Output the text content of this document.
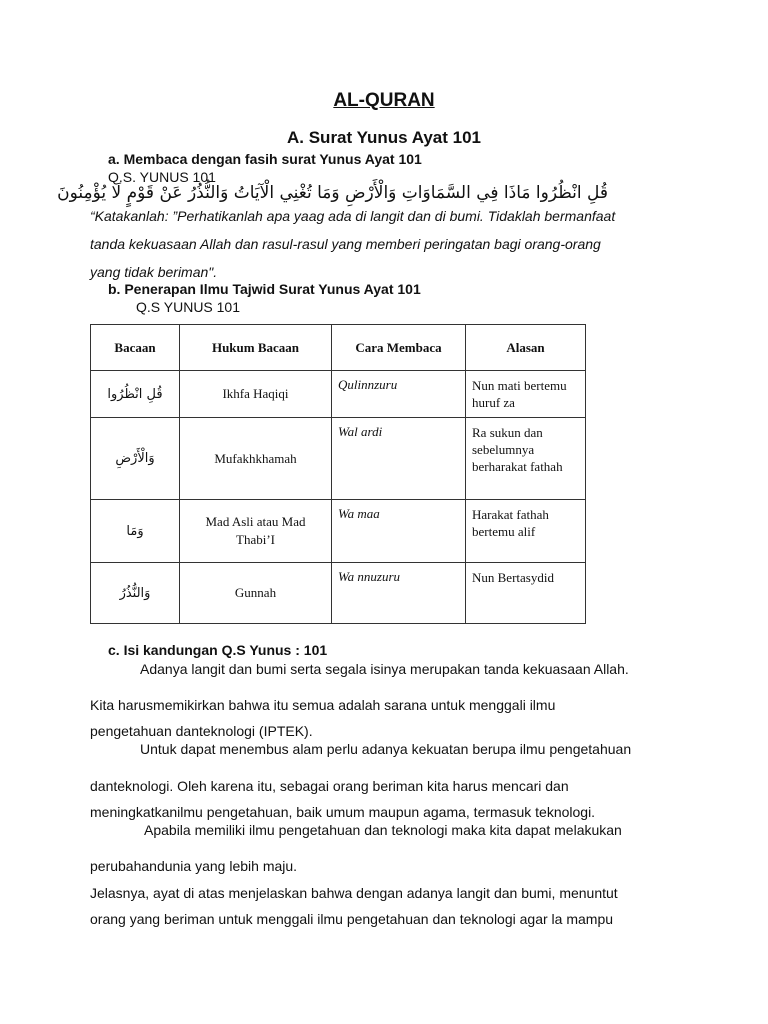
AL-QURAN
A. Surat Yunus Ayat 101
a. Membaca dengan fasih surat Yunus Ayat 101
Q.S. YUNUS 101
قُلِ انْظُرُوا مَاذَا فِي السَّمَاوَاتِ وَالْأَرْضِ وَمَا تُغْنِي الْآيَاتُ وَالنُّذُرُ عَنْ قَوْمٍ لَا يُؤْمِنُونَ
“Katakanlah: ”Perhatikanlah apa yaag ada di langit dan di bumi. Tidaklah bermanfaat
tanda kekuasaan Allah dan rasul-rasul yang memberi peringatan bagi orang-orang
yang tidak beriman".
b. Penerapan Ilmu Tajwid Surat Yunus Ayat 101
Q.S YUNUS 101
Bacaan	Hukum Bacaan	Cara Membaca	Alasan
قُلِ انْظُرُوا	Ikhfa Haqiqi	Qulinnzuru	Nun mati bertemu huruf za
وَالْأَرْضِ	Mufakhkhamah	Wal ardi	Ra sukun dan sebelumnya berharakat fathah
وَمَا	Mad Asli atau Mad Thabi’I	Wa maa	Harakat fathah bertemu alif
وَالنُّذُرُ	Gunnah	Wa nnuzuru	Nun Bertasydid
c. Isi kandungan Q.S Yunus : 101
Adanya langit dan bumi serta segala isinya merupakan tanda kekuasaan Allah.
Kita harusmemikirkan bahwa itu semua adalah sarana untuk menggali ilmu
pengetahuan danteknologi (IPTEK).
Untuk dapat menembus alam perlu adanya kekuatan berupa ilmu pengetahuan
danteknologi. Oleh karena itu, sebagai orang beriman kita harus mencari dan
meningkatkanilmu pengetahuan, baik umum maupun agama, termasuk teknologi.
Apabila memiliki ilmu pengetahuan dan teknologi maka kita dapat melakukan
perubahandunia yang lebih maju.
Jelasnya, ayat di atas menjelaskan bahwa dengan adanya langit dan bumi, menuntut
orang yang beriman untuk menggali ilmu pengetahuan dan teknologi agar la mampu
